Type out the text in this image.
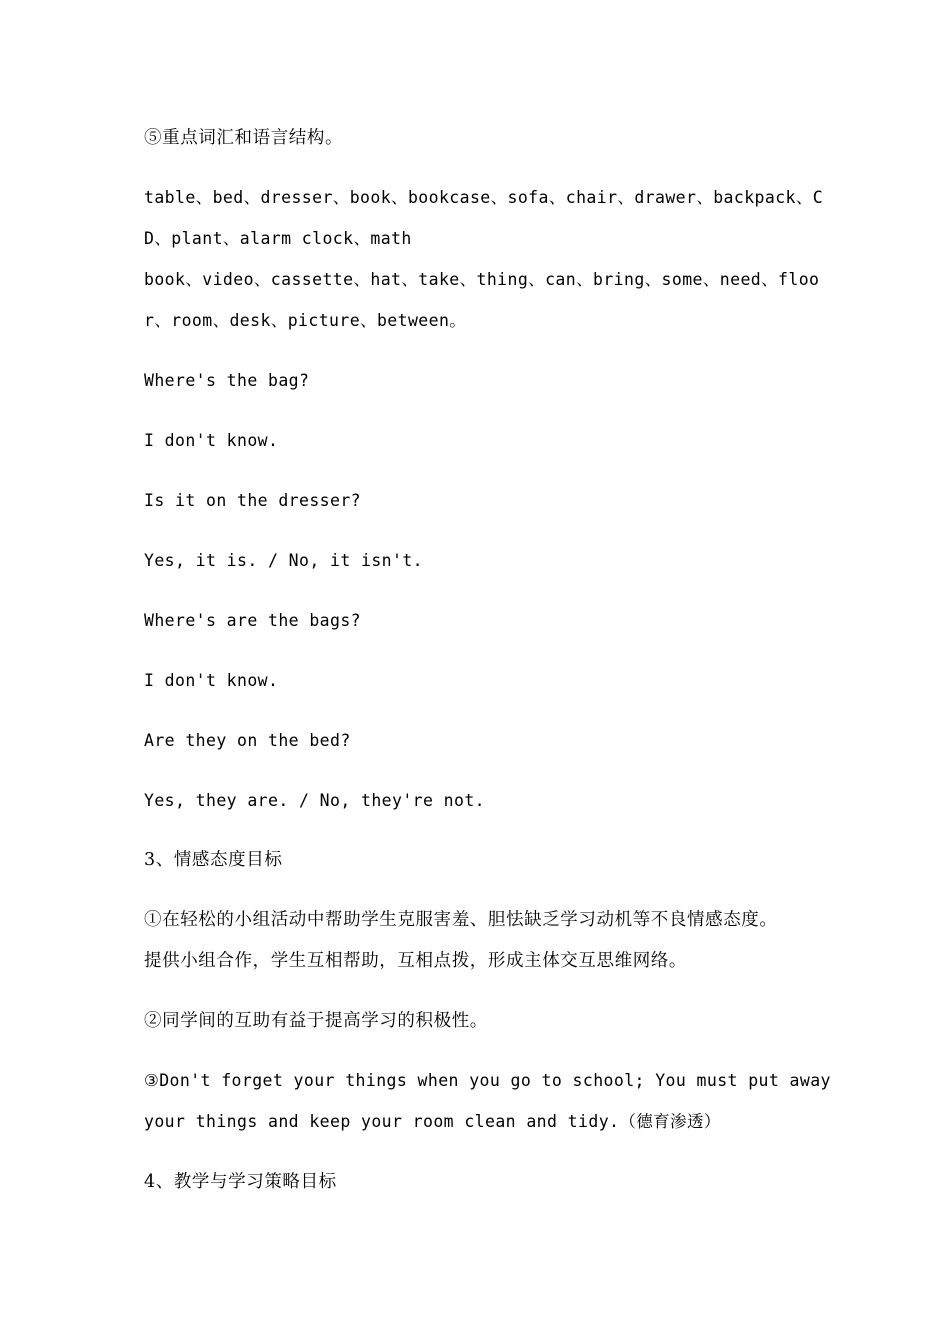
⑤重点词汇和语言结构。
table、bed、dresser、book、bookcase、sofa、chair、drawer、backpack、C
D、plant、alarm clock、math
book、video、cassette、hat、take、thing、can、bring、some、need、floo
r、room、desk、picture、between。
Where's the bag?
I don't know.
Is it on the dresser?
Yes, it is. / No, it isn't.
Where's are the bags?
I don't know.
Are they on the bed?
Yes, they are. / No, they're not.
3、情感态度目标
①在轻松的小组活动中帮助学生克服害羞、胆怯缺乏学习动机等不良情感态度。
提供小组合作，学生互相帮助，互相点拨，形成主体交互思维网络。
②同学间的互助有益于提高学习的积极性。
③Don't forget your things when you go to school; You must put away
your things and keep your room clean and tidy.（德育渗透）
4、教学与学习策略目标
